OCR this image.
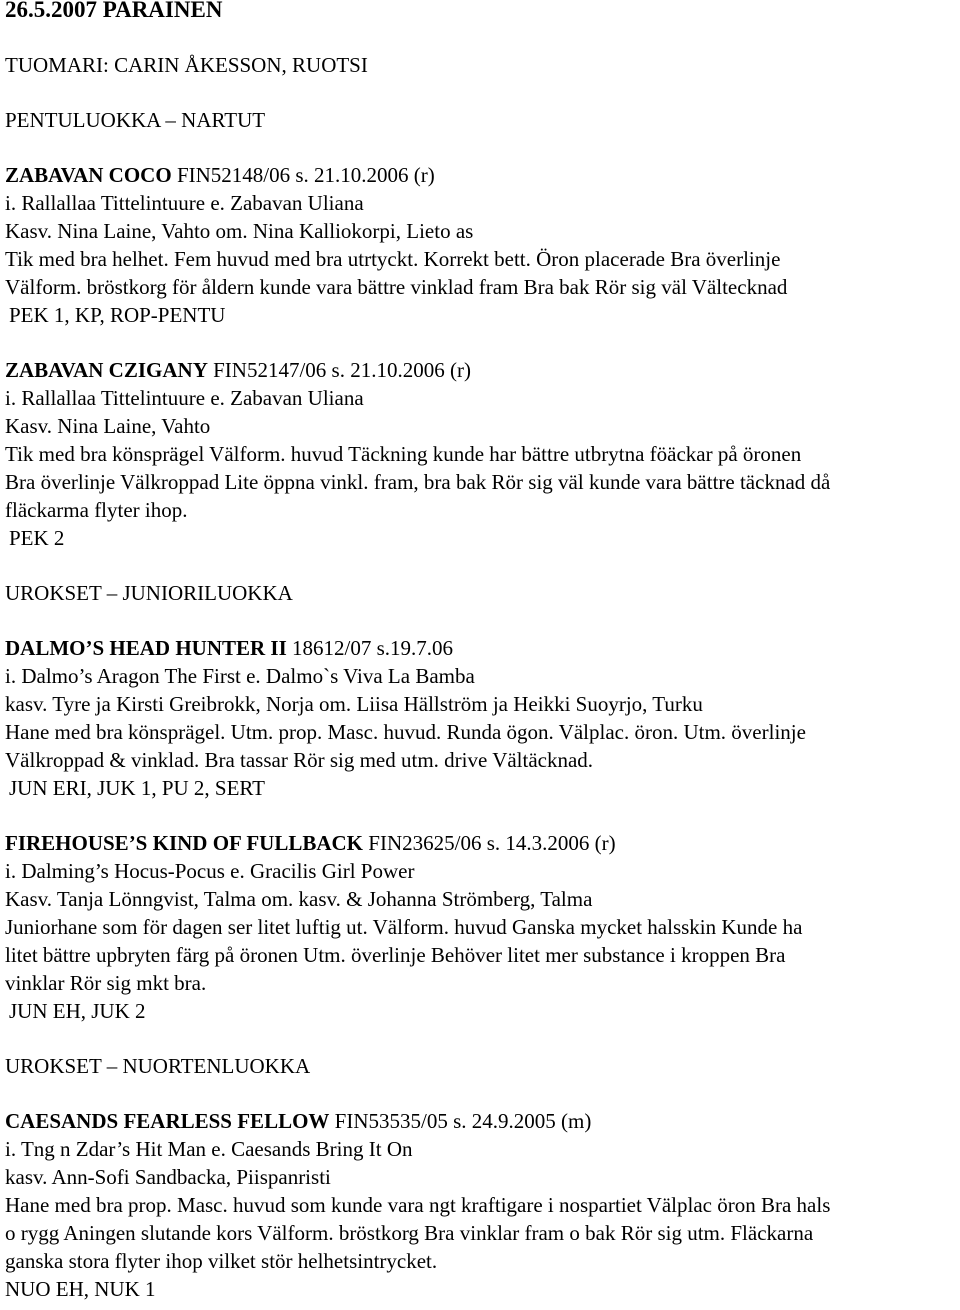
26.5.2007 PARAINEN
TUOMARI: CARIN ÅKESSON, RUOTSI
PENTULUOKKA – NARTUT
ZABAVAN COCO FIN52148/06 s. 21.10.2006 (r)
i. Rallallaa Tittelintuure e. Zabavan Uliana
Kasv. Nina Laine, Vahto om. Nina Kalliokorpi, Lieto as
Tik med bra helhet. Fem huvud med bra utrtyckt. Korrekt bett. Öron placerade Bra överlinje
Välform. bröstkorg för åldern kunde vara bättre vinklad fram Bra bak Rör sig väl Vältecknad
PEK 1, KP, ROP-PENTU
ZABAVAN CZIGANY FIN52147/06 s. 21.10.2006 (r)
i. Rallallaa Tittelintuure e. Zabavan Uliana
Kasv. Nina Laine, Vahto
Tik med bra könsprägel Välform. huvud Täckning kunde har bättre utbrytna föäckar på öronen
Bra överlinje Välkroppad Lite öppna vinkl. fram, bra bak Rör sig väl kunde vara bättre täcknad då
fläckarma flyter ihop.
PEK 2
UROKSET – JUNIORILUOKKA
DALMO’S HEAD HUNTER II 18612/07 s.19.7.06
i. Dalmo’s Aragon The First e. Dalmo`s Viva La Bamba
kasv. Tyre ja Kirsti Greibrokk, Norja om. Liisa Hällström ja Heikki Suoyrjo, Turku
Hane med bra könsprägel. Utm. prop. Masc. huvud. Runda ögon. Välplac. öron. Utm. överlinje
Välkroppad & vinklad. Bra tassar Rör sig med utm. drive Vältäcknad.
JUN ERI, JUK 1, PU 2, SERT
FIREHOUSE’S KIND OF FULLBACK FIN23625/06 s. 14.3.2006 (r)
i. Dalming’s Hocus-Pocus e. Gracilis Girl Power
Kasv. Tanja Lönngvist, Talma om. kasv. & Johanna Strömberg, Talma
Juniorhane som för dagen ser litet luftig ut. Välform. huvud Ganska mycket halsskin Kunde ha
litet bättre upbryten färg på öronen Utm. överlinje Behöver litet mer substance i kroppen Bra
vinklar Rör sig mkt bra.
JUN EH, JUK 2
UROKSET – NUORTENLUOKKA
CAESANDS FEARLESS FELLOW FIN53535/05 s. 24.9.2005 (m)
i. Tng n Zdar’s Hit Man e. Caesands Bring It On
kasv. Ann-Sofi Sandbacka, Piispanristi
Hane med bra prop. Masc. huvud som kunde vara ngt kraftigare i nospartiet Välplac öron Bra hals
o rygg Aningen slutande kors Välform. bröstkorg Bra vinklar fram o bak Rör sig utm. Fläckarna
ganska stora flyter ihop vilket stör helhetsintrycket.
NUO EH, NUK 1
